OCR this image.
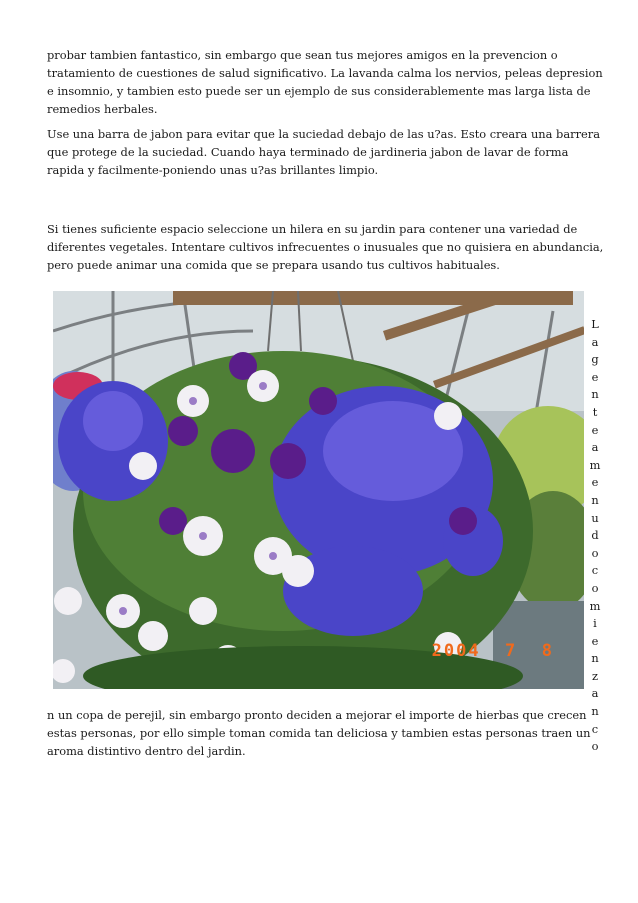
probar tambien fantastico, sin embargo que sean tus mejores amigos en la prevencion o tratamiento de cuestiones de salud significativo. La lavanda calma los nervios, peleas depresion e insomnio, y tambien esto puede ser un ejemplo de sus considerablemente mas larga lista de remedios herbales.

Use una barra de jabon para evitar que la suciedad debajo de las u?as. Esto creara una barrera que protege de la suciedad. Cuando haya terminado de jardineria jabon de lavar de forma rapida y facilmente-poniendo unas u?as brillantes limpio.

Si tienes suficiente espacio seleccione un hilera en su jardin para contener una variedad de diferentes vegetales. Intentare cultivos infrecuentes o inusuales que no quisiera en abundancia, pero puede animar una comida que se prepara usando tus cultivos habituales.

2004  7  8
L
a
g
e
n
t
e
a
m
e
n
u
d
o
c
o
m
i
e
n
z
a
n
c
o

n un copa de perejil, sin embargo pronto deciden a mejorar el importe de hierbas que crecen estas personas, por ello simple toman comida tan deliciosa y tambien estas personas traen un aroma distintivo dentro del jardin.
